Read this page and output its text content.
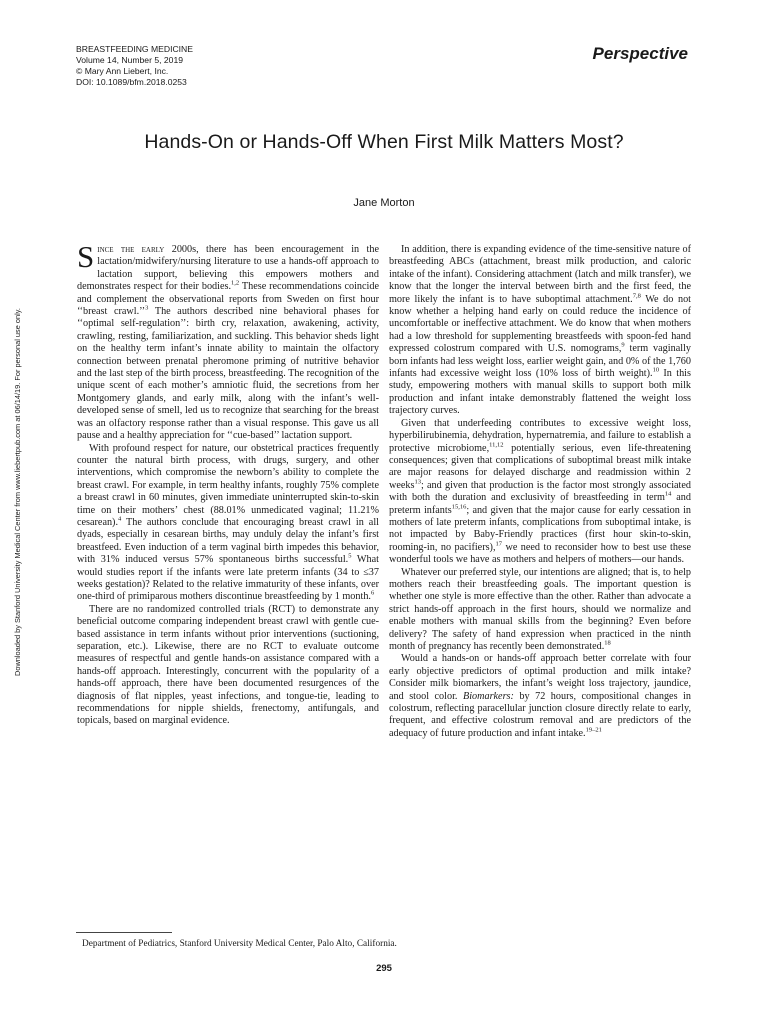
BREASTFEEDING MEDICINE
Volume 14, Number 5, 2019
© Mary Ann Liebert, Inc.
DOI: 10.1089/bfm.2018.0253
Perspective
Hands-On or Hands-Off When First Milk Matters Most?
Jane Morton
Downloaded by Stanford University Medical Center from www.liebertpub.com at 06/14/19. For personal use only.

Since the early 2000s, there has been encouragement in the lactation/midwifery/nursing literature to use a hands-off approach to lactation support, believing this empowers mothers and demonstrates respect for their bodies.$^{1,2}$ These recommendations coincide and complement the observational reports from Sweden on first hour ‘‘breast crawl.’’$^3$ The authors described nine behavioral phases for ‘‘optimal self-regulation’’: birth cry, relaxation, awakening, activity, crawling, resting, familiarization, and suckling. This behavior sheds light on the healthy term infant’s innate ability to maintain the olfactory connection between prenatal pheromone priming of nutritive behavior and the last step of the birth process, breastfeeding. The recognition of the unique scent of each mother’s amniotic fluid, the secretions from her Montgomery glands, and early milk, along with the infant’s well-developed sense of smell, led us to recognize that searching for the breast was an olfactory response rather than a visual response. This gave us all pause and a healthy appreciation for ‘‘cue-based’’ lactation support.

With profound respect for nature, our obstetrical practices frequently counter the natural birth process, with drugs, surgery, and other interventions, which compromise the newborn’s ability to complete the breast crawl. For example, in term healthy infants, roughly 75% complete a breast crawl in 60 minutes, given immediate uninterrupted skin-to-skin time on their mothers’ chest (88.01% unmedicated vaginal; 11.21% cesarean).$^4$ The authors conclude that encouraging breast crawl in all dyads, especially in cesarean births, may unduly delay the infant’s first breastfeed. Even induction of a term vaginal birth impedes this behavior, with 31% induced versus 57% spontaneous births successful.$^5$ What would studies report if the infants were late preterm infants (34 to ≤37 weeks gestation)? Related to the relative immaturity of these infants, over one-third of primiparous mothers discontinue breastfeeding by 1 month.$^6$

There are no randomized controlled trials (RCT) to demonstrate any beneficial outcome comparing independent breast crawl with gentle cue-based assistance in term infants without prior interventions (suctioning, separation, etc.). Likewise, there are no RCT to evaluate outcome measures of respectful and gentle hands-on assistance compared with a hands-off approach. Interestingly, concurrent with the popularity of a hands-off approach, there have been documented resurgences of the diagnosis of flat nipples, yeast infections, and tongue-tie, leading to recommendations for nipple shields, frenectomy, antifungals, and topicals, based on marginal evidence.

In addition, there is expanding evidence of the time-sensitive nature of breastfeeding ABCs (attachment, breast milk production, and caloric intake of the infant). Considering attachment (latch and milk transfer), we know that the longer the interval between birth and the first feed, the more likely the infant is to have suboptimal attachment.$^{7,8}$ We do not know whether a helping hand early on could reduce the incidence of uncomfortable or ineffective attachment. We do know that when mothers had a low threshold for supplementing breastfeeds with spoon-fed hand expressed colostrum compared with U.S. nomograms,$^9$ term vaginally born infants had less weight loss, earlier weight gain, and 0% of the 1,760 infants had excessive weight loss (10% loss of birth weight).$^{10}$ In this study, empowering mothers with manual skills to support both milk production and infant intake demonstrably flattened the weight loss trajectory curves.

Given that underfeeding contributes to excessive weight loss, hyperbilirubinemia, dehydration, hypernatremia, and failure to establish a protective microbiome,$^{11,12}$ potentially serious, even life-threatening consequences; given that complications of suboptimal breast milk intake are major reasons for delayed discharge and readmission within 2 weeks$^{13}$; and given that production is the factor most strongly associated with both the duration and exclusivity of breastfeeding in term$^{14}$ and preterm infants$^{15,16}$; and given that the major cause for early cessation in mothers of late preterm infants, complications from suboptimal intake, is not impacted by Baby-Friendly practices (first hour skin-to-skin, rooming-in, no pacifiers),$^{17}$ we need to reconsider how to best use these wonderful tools we have as mothers and helpers of mothers—our hands.

Whatever our preferred style, our intentions are aligned; that is, to help mothers reach their breastfeeding goals. The important question is whether one style is more effective than the other. Rather than advocate a strict hands-off approach in the first hours, should we normalize and enable mothers with manual skills from the beginning? Even before delivery? The safety of hand expression when practiced in the ninth month of pregnancy has recently been demonstrated.$^{18}$

Would a hands-on or hands-off approach better correlate with four early objective predictors of optimal production and milk intake? Consider milk biomarkers, the infant’s weight loss trajectory, jaundice, and stool color. Biomarkers: by 72 hours, compositional changes in colostrum, reflecting paracellular junction closure directly relate to early, frequent, and effective colostrum removal and are predictors of the adequacy of future production and infant intake.$^{19-21}$

Department of Pediatrics, Stanford University Medical Center, Palo Alto, California.
295
